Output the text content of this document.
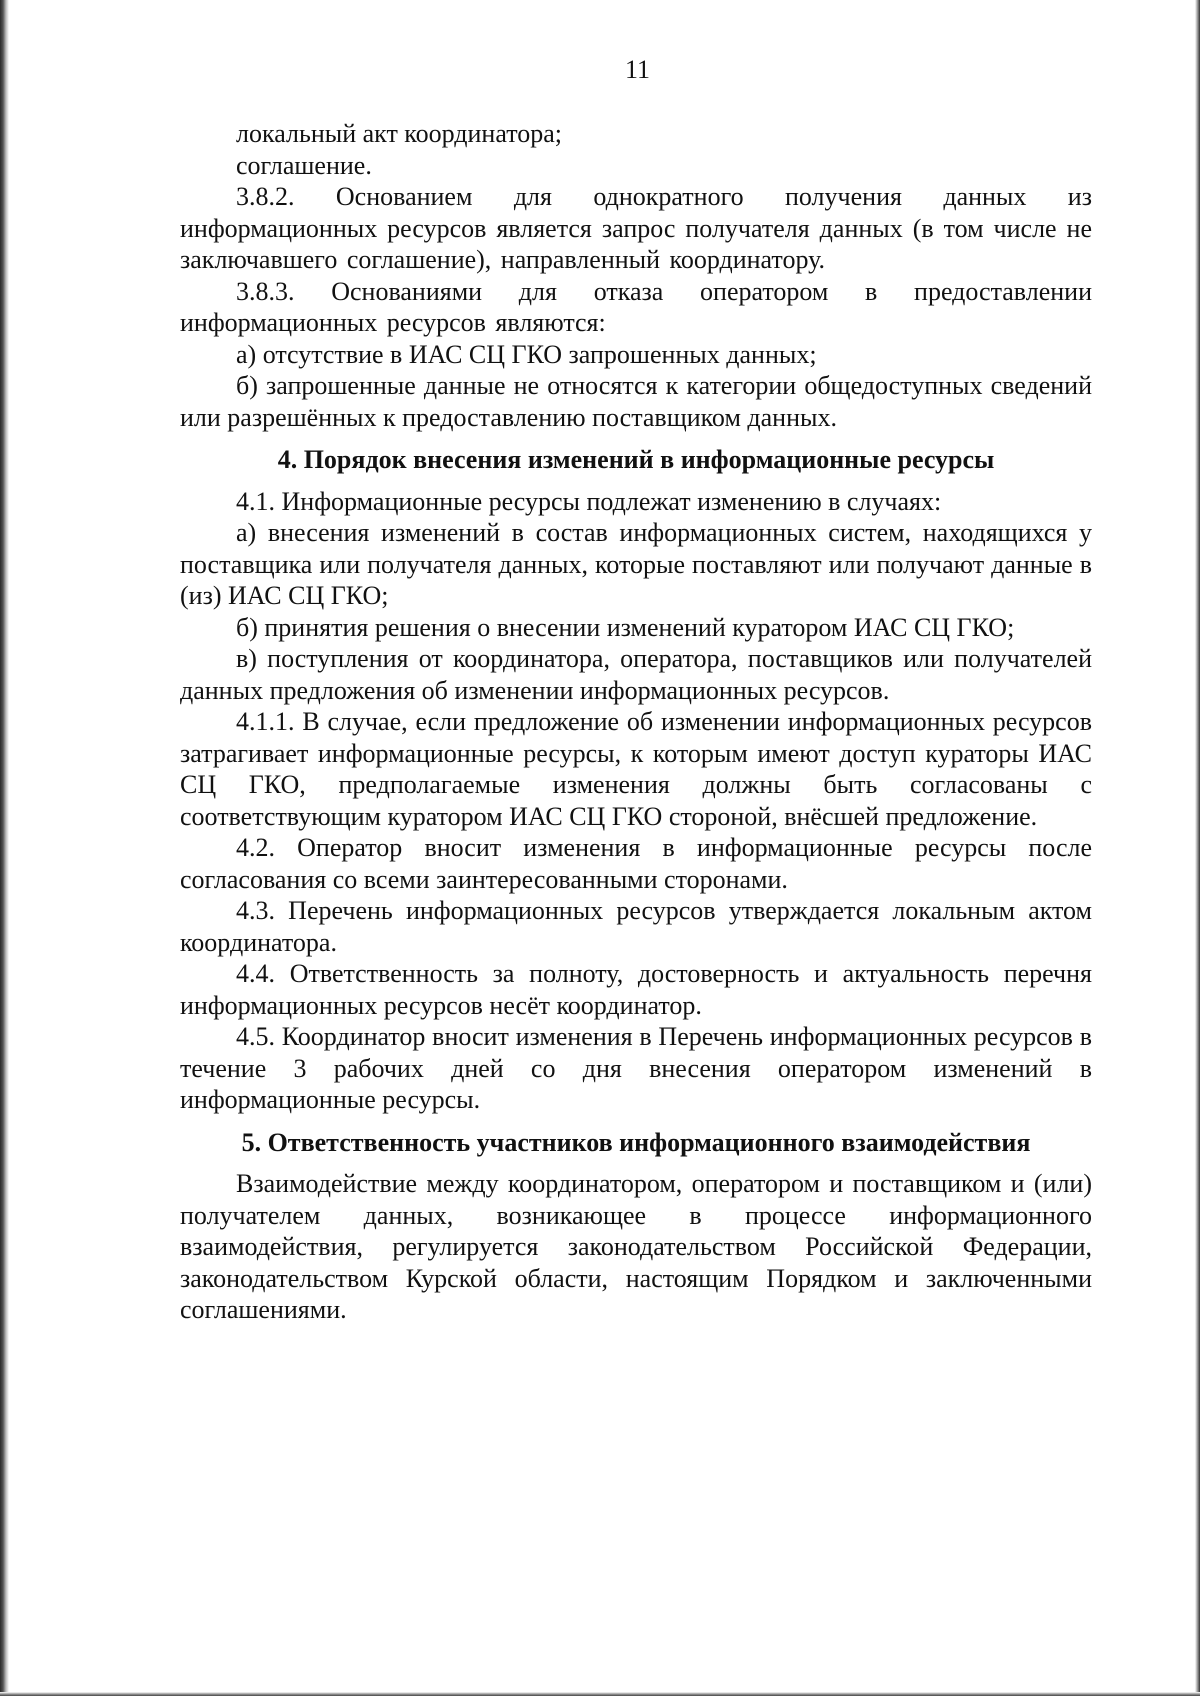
11

локальный акт координатора;

соглашение.

3.8.2. Основанием для однократного получения данных из информационных ресурсов является запрос получателя данных (в том числе не заключавшего соглашение), направленный координатору.

3.8.3. Основаниями для отказа оператором в предоставлении информационных ресурсов являются:

а) отсутствие в ИАС СЦ ГКО запрошенных данных;

б) запрошенные данные не относятся к категории общедоступных сведений или разрешённых к предоставлению поставщиком данных.

4. Порядок внесения изменений в информационные ресурсы

4.1. Информационные ресурсы подлежат изменению в случаях:

а) внесения изменений в состав информационных систем, находящихся у поставщика или получателя данных, которые поставляют или получают данные в (из) ИАС СЦ ГКО;

б) принятия решения о внесении изменений куратором ИАС СЦ ГКО;

в) поступления от координатора, оператора, поставщиков или получателей данных предложения об изменении информационных ресурсов.

4.1.1. В случае, если предложение об изменении информационных ресурсов затрагивает информационные ресурсы, к которым имеют доступ кураторы ИАС СЦ ГКО, предполагаемые изменения должны быть согласованы с соответствующим куратором ИАС СЦ ГКО стороной, внёсшей предложение.

4.2. Оператор вносит изменения в информационные ресурсы после согласования со всеми заинтересованными сторонами.

4.3. Перечень информационных ресурсов утверждается локальным актом координатора.

4.4. Ответственность за полноту, достоверность и актуальность перечня информационных ресурсов несёт координатор.

4.5. Координатор вносит изменения в Перечень информационных ресурсов в течение 3 рабочих дней со дня внесения оператором изменений в информационные ресурсы.

5. Ответственность участников информационного взаимодействия

Взаимодействие между координатором, оператором и поставщиком и (или) получателем данных, возникающее в процессе информационного взаимодействия, регулируется законодательством Российской Федерации, законодательством Курской области, настоящим Порядком и заключенными соглашениями.
